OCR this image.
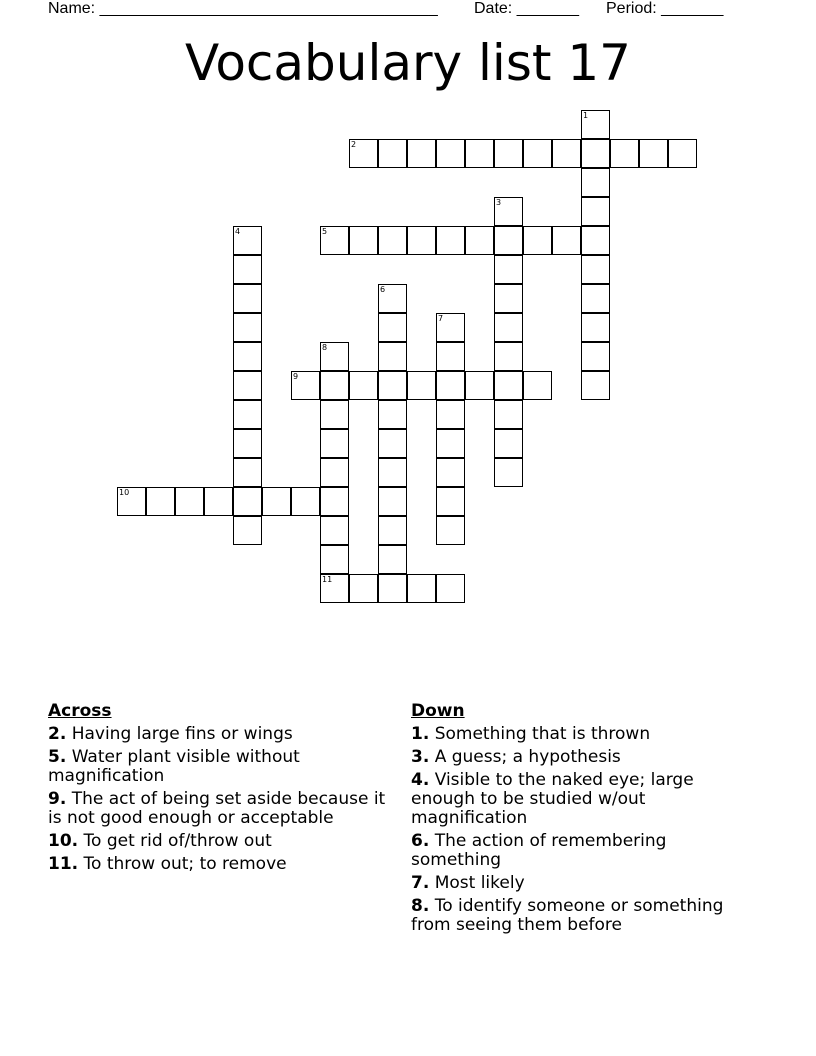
Name: ______________________________________ Date: _______ Period: _______
Vocabulary list 17
1
2
3
4	5
6
7
8
11
9
10
Across
2. Having large fins or wings
5. Water plant visible without magnification
9. The act of being set aside because it is not good enough or acceptable
10. To get rid of/throw out
11. To throw out; to remove
Down
1. Something that is thrown
3. A guess; a hypothesis
4. Visible to the naked eye; large enough to be studied w/out magnification
6. The action of remembering something
7. Most likely
8. To identify someone or something from seeing them before
